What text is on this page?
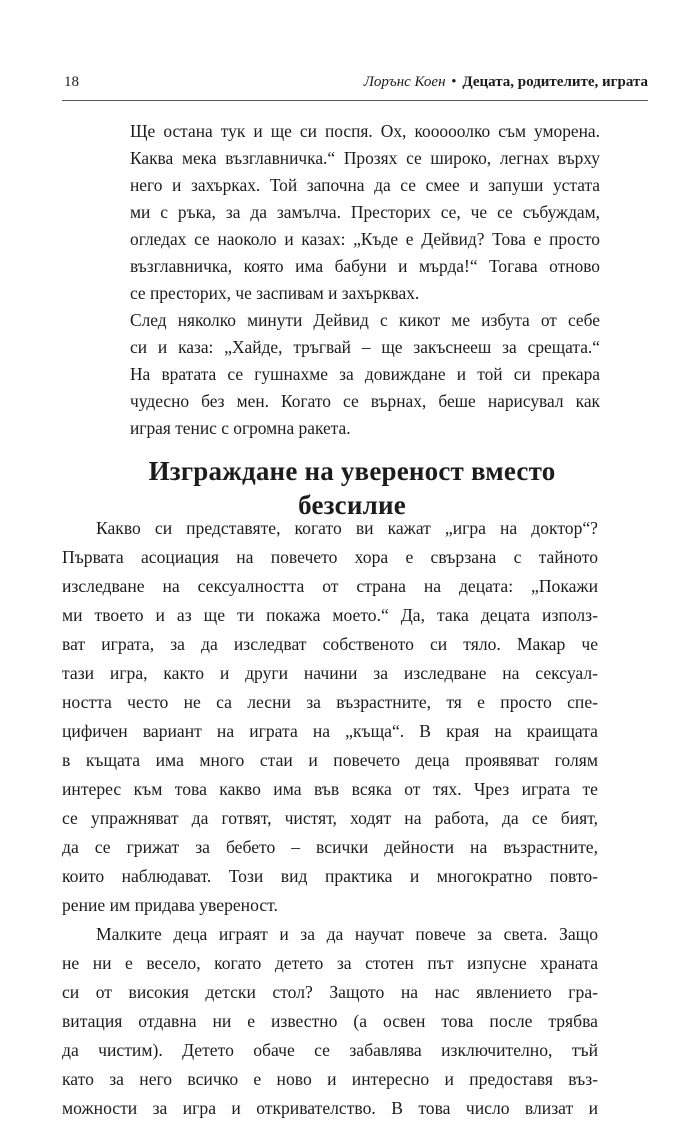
18	Лорънс Коен • Децата, родителите, играта

Ще остана тук и ще си поспя. Ох, кооооолко съм уморена.
Каква мека възглавничка.“ Прозях се широко, легнах върху
него и захърках. Той започна да се смее и запуши устата
ми с ръка, за да замълча. Престорих се, че се събуждам,
огледах се наоколо и казах: „Къде е Дейвид? Това е просто
възглавничка, която има бабуни и мърда!“ Тогава отново
се престорих, че заспивам и захърквах.
След няколко минути Дейвид с кикот ме избута от себе
си и каза: „Хайде, тръгвай – ще закъснееш за срещата.“
На вратата се гушнахме за довиждане и той си прекара
чудесно без мен. Когато се върнах, беше нарисувал как
играя тенис с огромна ракета.

Изграждане на увереност вместо безсилие
Какво си представяте, когато ви кажат „игра на доктор“?
Първата асоциация на повечето хора е свързана с тайното
изследване на сексуалността от страна на децата: „Покажи
ми твоето и аз ще ти покажа моето.“ Да, така децата използ-
ват играта, за да изследват собственото си тяло. Макар че
тази игра, както и други начини за изследване на сексуал-
ността често не са лесни за възрастните, тя е просто спе-
цифичен вариант на играта на „къща“. В края на краищата
в къщата има много стаи и повечето деца проявяват голям
интерес към това какво има във всяка от тях. Чрез играта те
се упражняват да готвят, чистят, ходят на работа, да се бият,
да се грижат за бебето – всички дейности на възрастните,
които наблюдават. Този вид практика и многократно повто-
рение им придава увереност.
Малките деца играят и за да научат повече за света. Защо
не ни е весело, когато детето за стотен път изпусне храната
си от високия детски стол? Защото на нас явлението гра-
витация отдавна ни е известно (а освен това после трябва
да чистим). Детето обаче се забавлява изключително, тъй
като за него всичко е ново и интересно и предоставя въз-
можности за игра и откривателство. В това число влизат и
